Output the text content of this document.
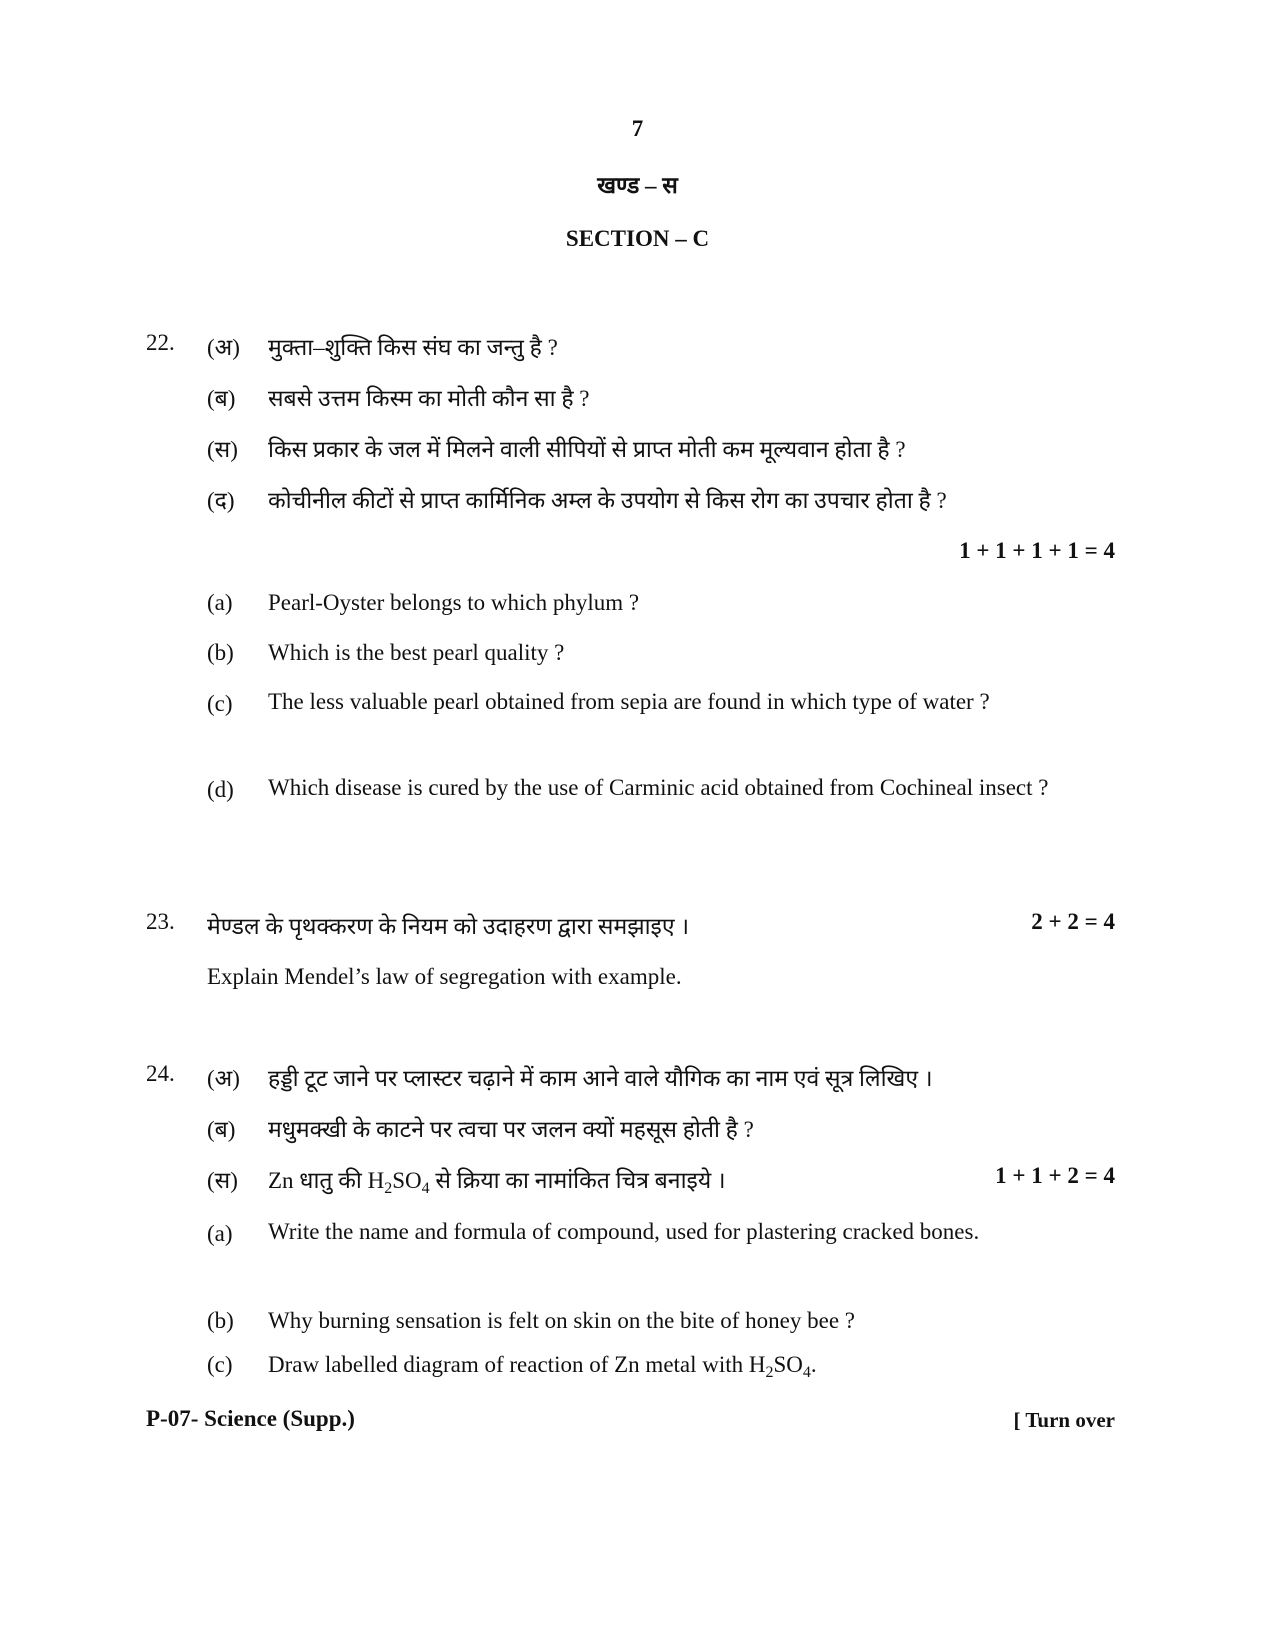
7
खण्ड – स
SECTION – C
22. (अ) मुक्ता–शुक्ति किस संघ का जन्तु है ?
(ब) सबसे उत्तम किस्म का मोती कौन सा है ?
(स) किस प्रकार के जल में मिलने वाली सीपियों से प्राप्त मोती कम मूल्यवान होता है ?
(द) कोचीनील कीटों से प्राप्त कार्मिनिक अम्ल के उपयोग से किस रोग का उपचार होता है ?
1 + 1 + 1 + 1 = 4
(a) Pearl-Oyster belongs to which phylum ?
(b) Which is the best pearl quality ?
(c) The less valuable pearl obtained from sepia are found in which type of water ?
(d) Which disease is cured by the use of Carminic acid obtained from Cochineal insect ?
23. मेण्डल के पृथक्करण के नियम को उदाहरण द्वारा समझाइए ।	2 + 2 = 4
Explain Mendel’s law of segregation with example.
24. (अ) हड्डी टूट जाने पर प्लास्टर चढ़ाने में काम आने वाले यौगिक का नाम एवं सूत्र लिखिए ।
(ब) मधुमक्खी के काटने पर त्वचा पर जलन क्यों महसूस होती है ?
(स) Zn धातु की $H_2SO_4$ से क्रिया का नामांकित चित्र बनाइये ।	1 + 1 + 2 = 4
(a) Write the name and formula of compound, used for plastering cracked bones.
(b) Why burning sensation is felt on skin on the bite of honey bee ?
(c) Draw labelled diagram of reaction of Zn metal with $H_2SO_4$.
P-07- Science (Supp.)	[ Turn over
